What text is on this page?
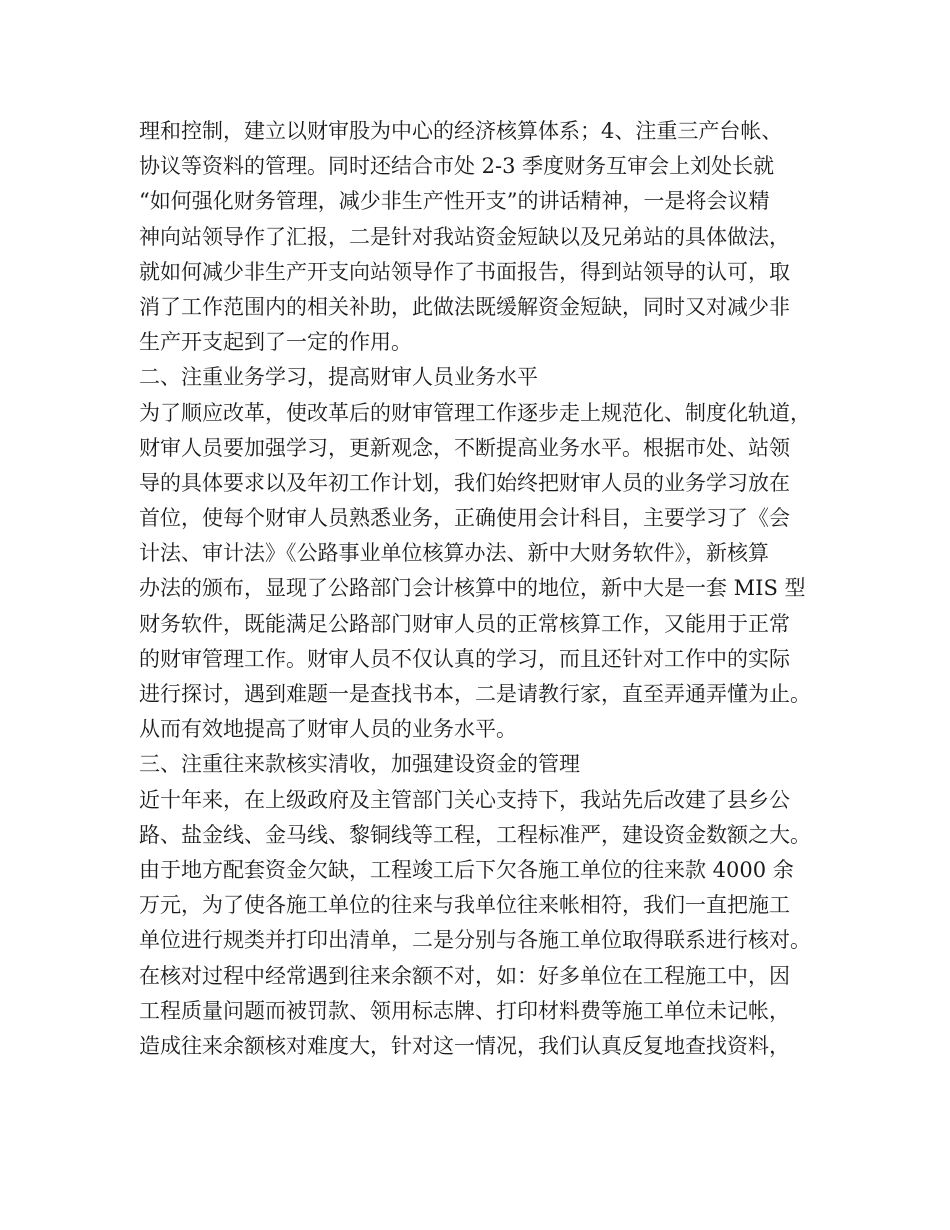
理和控制，建立以财审股为中心的经济核算体系；4、注重三产台帐、
协议等资料的管理。同时还结合市处 2-3 季度财务互审会上刘处长就
“如何强化财务管理，减少非生产性开支”的讲话精神，一是将会议精
神向站领导作了汇报，二是针对我站资金短缺以及兄弟站的具体做法，
就如何减少非生产开支向站领导作了书面报告，得到站领导的认可，取
消了工作范围内的相关补助，此做法既缓解资金短缺，同时又对减少非
生产开支起到了一定的作用。
二、注重业务学习，提高财审人员业务水平
为了顺应改革，使改革后的财审管理工作逐步走上规范化、制度化轨道，
财审人员要加强学习，更新观念，不断提高业务水平。根据市处、站领
导的具体要求以及年初工作计划，我们始终把财审人员的业务学习放在
首位，使每个财审人员熟悉业务，正确使用会计科目，主要学习了《会
计法、审计法》《公路事业单位核算办法、新中大财务软件》，新核算
办法的颁布，显现了公路部门会计核算中的地位，新中大是一套 MIS 型
财务软件，既能满足公路部门财审人员的正常核算工作，又能用于正常
的财审管理工作。财审人员不仅认真的学习，而且还针对工作中的实际
进行探讨，遇到难题一是查找书本，二是请教行家，直至弄通弄懂为止。
从而有效地提高了财审人员的业务水平。
三、注重往来款核实清收，加强建设资金的管理
近十年来，在上级政府及主管部门关心支持下，我站先后改建了县乡公
路、盐金线、金马线、黎铜线等工程，工程标准严，建设资金数额之大。
由于地方配套资金欠缺，工程竣工后下欠各施工单位的往来款 4000 余
万元，为了使各施工单位的往来与我单位往来帐相符，我们一直把施工
单位进行规类并打印出清单，二是分别与各施工单位取得联系进行核对。
在核对过程中经常遇到往来余额不对，如：好多单位在工程施工中，因
工程质量问题而被罚款、领用标志牌、打印材料费等施工单位未记帐，
造成往来余额核对难度大，针对这一情况，我们认真反复地查找资料，
